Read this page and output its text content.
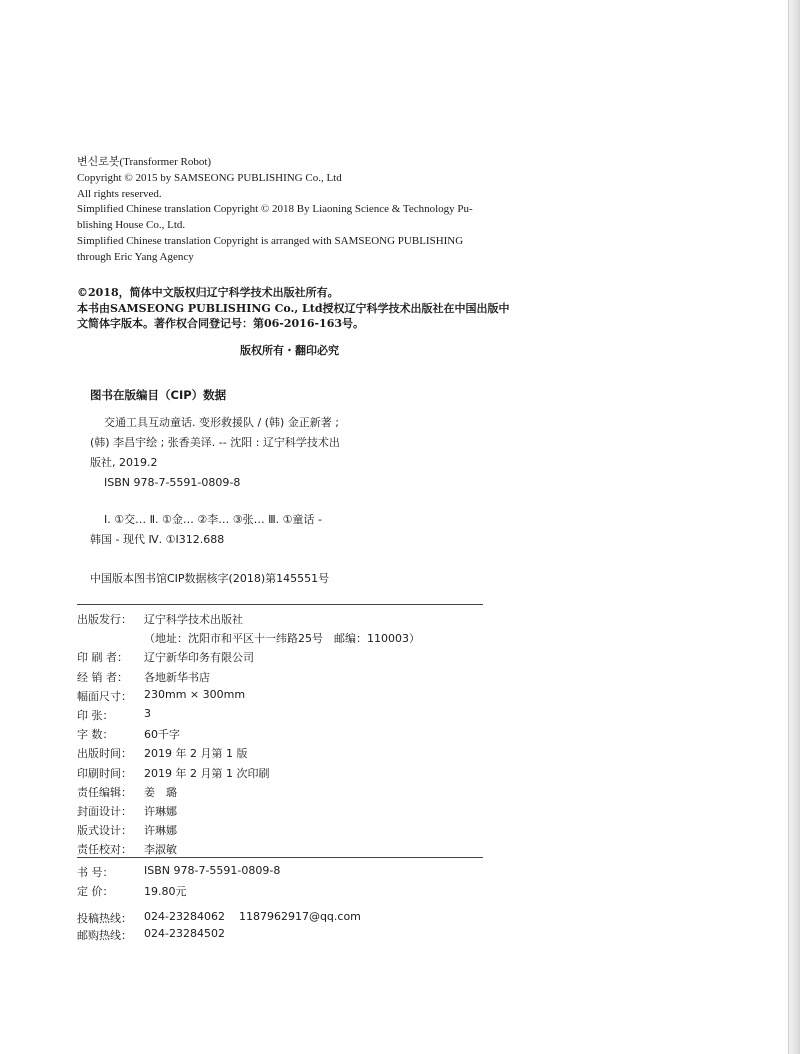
변신로봇(Transformer Robot)
Copyright © 2015 by SAMSEONG PUBLISHING Co., Ltd
All rights reserved.
Simplified Chinese translation Copyright © 2018 By Liaoning Science & Technology Pu-
blishing House Co., Ltd.
Simplified Chinese translation Copyright is arranged with SAMSEONG PUBLISHING
through Eric Yang Agency
©2018，简体中文版权归辽宁科学技术出版社所有。
本书由SAMSEONG PUBLISHING Co., Ltd授权辽宁科学技术出版社在中国出版中
文简体字版本。著作权合同登记号：第06-2016-163号。
版权所有・翻印必究
图书在版编目（CIP）数据
交通工具互动童话. 变形救援队 / (韩) 金正新著 ;
(韩) 李昌宇绘 ; 张香美译. -- 沈阳 : 辽宁科学技术出
版社, 2019.2
ISBN 978-7-5591-0809-8
Ⅰ. ①交… Ⅱ. ①金… ②李… ③张… Ⅲ. ①童话 -
韩国 - 现代 Ⅳ. ①I312.688
中国版本图书馆CIP数据核字(2018)第145551号
出版发行：	辽宁科学技术出版社
（地址：沈阳市和平区十一纬路25号　邮编：110003）
印 刷 者：	辽宁新华印务有限公司
经 销 者：	各地新华书店
幅面尺寸：	230mm × 300mm
印 张：	3
字 数：	60千字
出版时间：	2019 年 2 月第 1 版
印刷时间：	2019 年 2 月第 1 次印刷
责任编辑：	姜　璐
封面设计：	许琳娜
版式设计：	许琳娜
责任校对：	李淑敏
书 号：	ISBN 978-7-5591-0809-8
定 价：	19.80元
投稿热线：	024-23284062 1187962917@qq.com
邮购热线：	024-23284502
